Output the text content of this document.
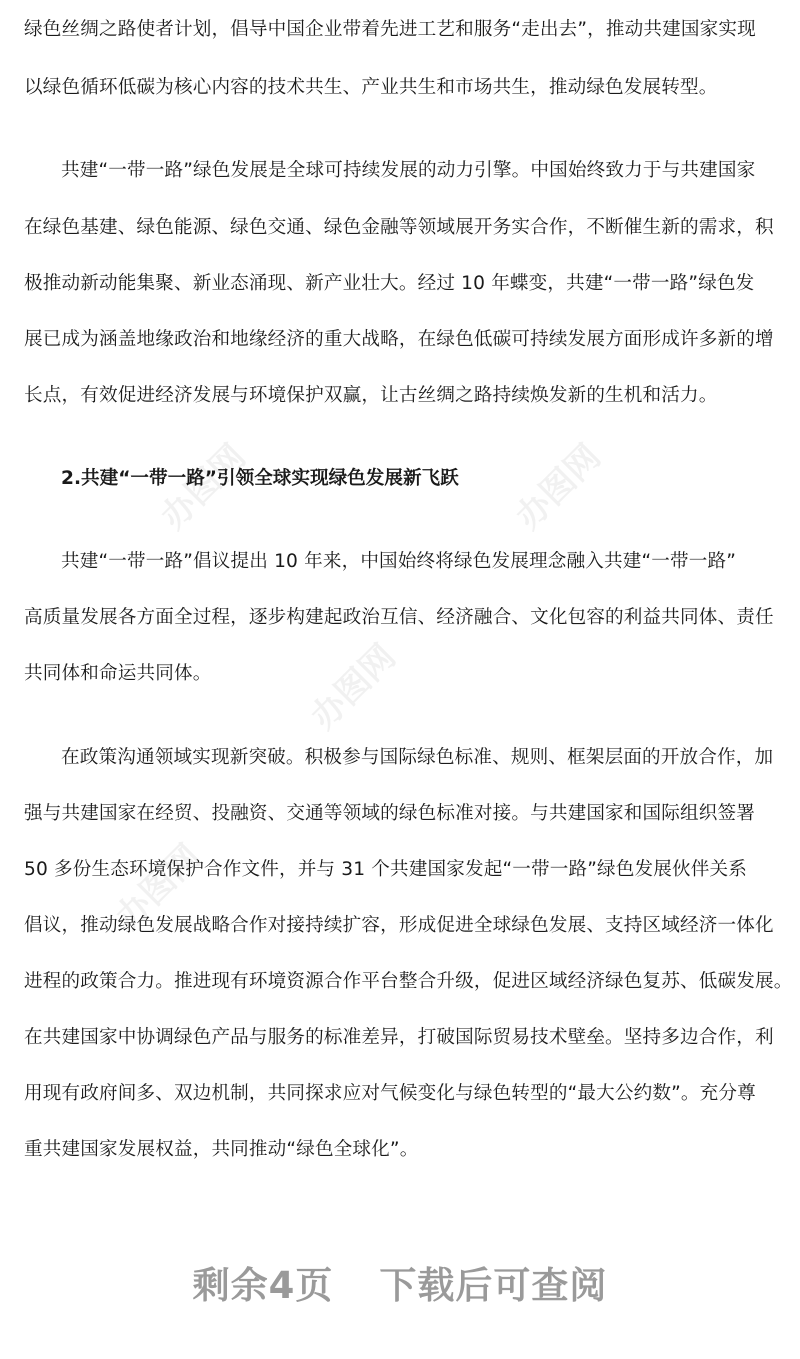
办图网	办图网
办图网
办图网
绿色丝绸之路使者计划，倡导中国企业带着先进工艺和服务“走出去”，推动共建国家实现
以绿色循环低碳为核心内容的技术共生、产业共生和市场共生，推动绿色发展转型。
共建“一带一路”绿色发展是全球可持续发展的动力引擎。中国始终致力于与共建国家
在绿色基建、绿色能源、绿色交通、绿色金融等领域展开务实合作，不断催生新的需求，积
极推动新动能集聚、新业态涌现、新产业壮大。经过 10 年蝶变，共建“一带一路”绿色发
展已成为涵盖地缘政治和地缘经济的重大战略，在绿色低碳可持续发展方面形成许多新的增
长点，有效促进经济发展与环境保护双赢，让古丝绸之路持续焕发新的生机和活力。
2.共建“一带一路”引领全球实现绿色发展新飞跃
共建“一带一路”倡议提出 10 年来，中国始终将绿色发展理念融入共建“一带一路”
高质量发展各方面全过程，逐步构建起政治互信、经济融合、文化包容的利益共同体、责任
共同体和命运共同体。
在政策沟通领域实现新突破。积极参与国际绿色标准、规则、框架层面的开放合作，加
强与共建国家在经贸、投融资、交通等领域的绿色标准对接。与共建国家和国际组织签署
50 多份生态环境保护合作文件，并与 31 个共建国家发起“一带一路”绿色发展伙伴关系
倡议，推动绿色发展战略合作对接持续扩容，形成促进全球绿色发展、支持区域经济一体化
进程的政策合力。推进现有环境资源合作平台整合升级，促进区域经济绿色复苏、低碳发展。
在共建国家中协调绿色产品与服务的标准差异，打破国际贸易技术壁垒。坚持多边合作，利
用现有政府间多、双边机制，共同探求应对气候变化与绿色转型的“最大公约数”。充分尊
重共建国家发展权益，共同推动“绿色全球化”。
剩余4页 下载后可查阅
